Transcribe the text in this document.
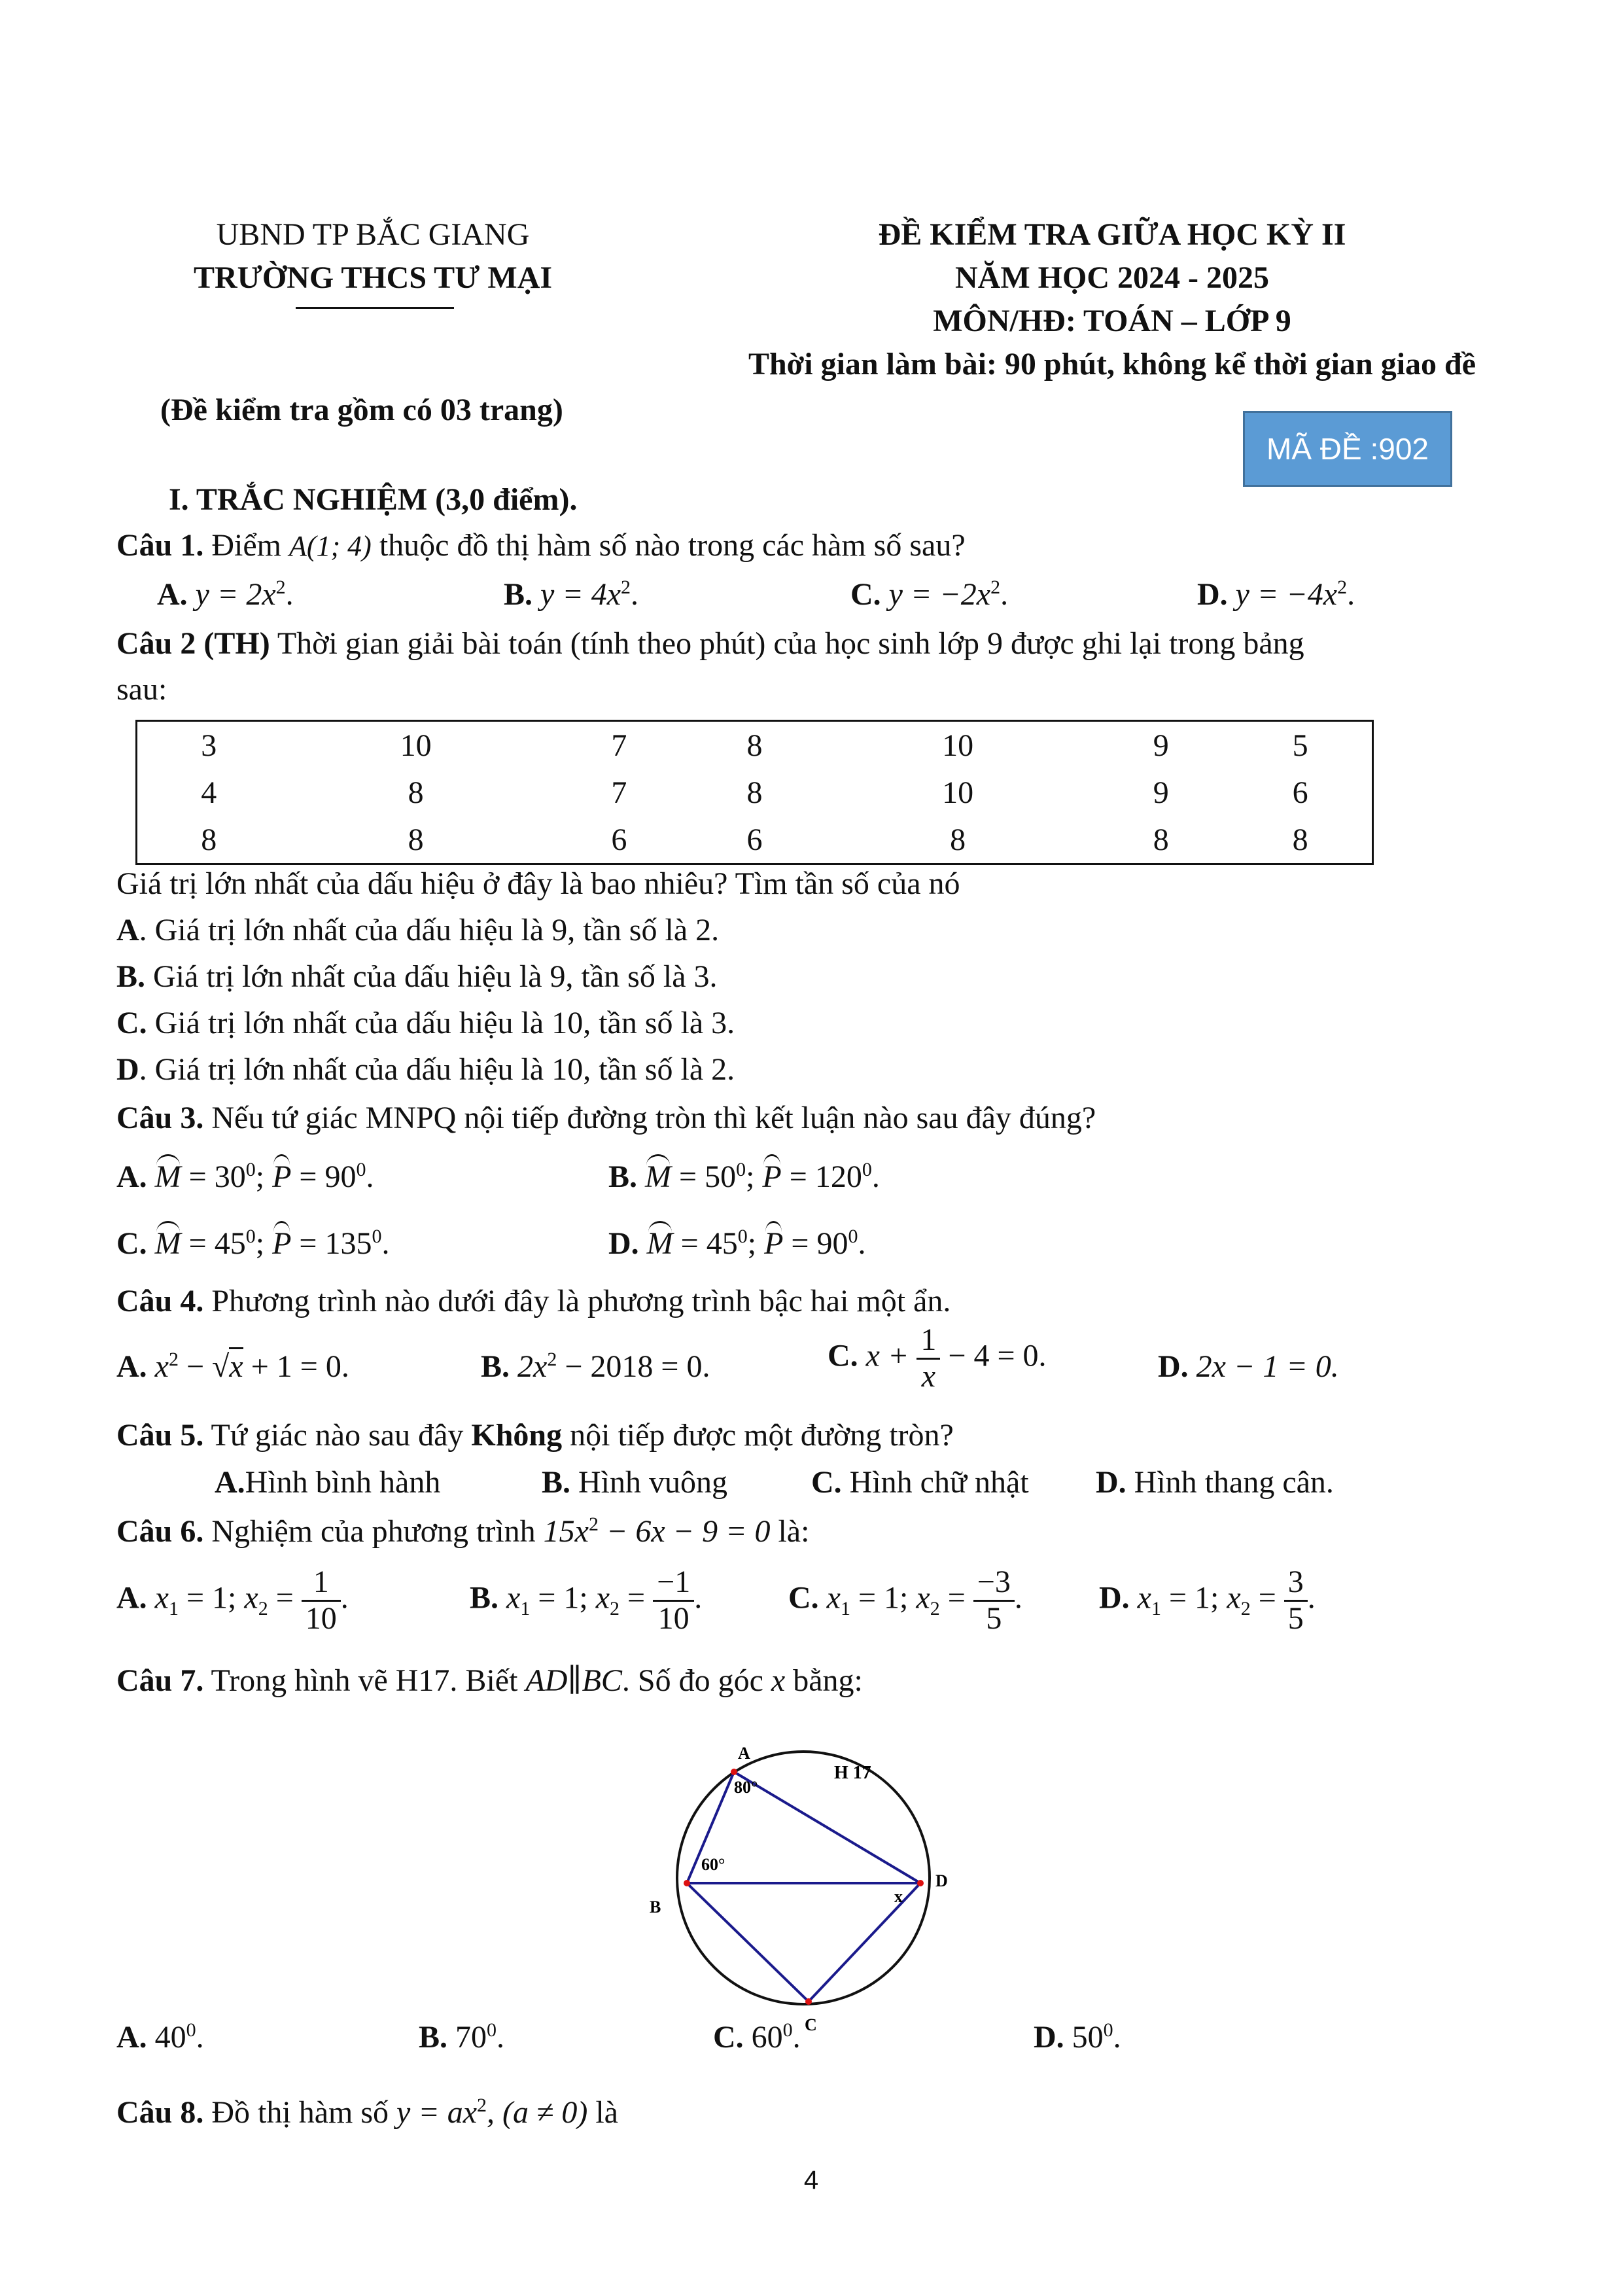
UBND TP BẮC GIANG
TRƯỜNG THCS TƯ MẠI
ĐỀ KIỂM TRA GIỮA HỌC KỲ II
NĂM HỌC 2024 - 2025
MÔN/HĐ: TOÁN – LỚP 9
Thời gian làm bài: 90 phút, không kể thời gian giao đề
(Đề kiểm tra gồm có 03 trang)
MÃ ĐỀ :902
I. TRẮC NGHIỆM (3,0 điểm).
Câu 1. Điểm A(1; 4) thuộc đồ thị hàm số nào trong các hàm số sau?
A. $y = 2x^2$.	B. $y = 4x^2$.	C. $y = -2x^2$.	D. $y = -4x^2$.
Câu 2 (TH) Thời gian giải bài toán (tính theo phút) của học sinh lớp 9 được ghi lại trong bảng
sau:
3	10	7	8	10	9	5
4	8	7	8	10	9	6
8	8	6	6	8	8	8
Giá trị lớn nhất của dấu hiệu ở đây là bao nhiêu? Tìm tần số của nó
A. Giá trị lớn nhất của dấu hiệu là 9, tần số là 2.
B. Giá trị lớn nhất của dấu hiệu là 9, tần số là 3.
C. Giá trị lớn nhất của dấu hiệu là 10, tần số là 3.
D. Giá trị lớn nhất của dấu hiệu là 10, tần số là 2.
Câu 3. Nếu tứ giác MNPQ nội tiếp đường tròn thì kết luận nào sau đây đúng?
A. $M = 30^0$; $P = 90^0$.	B. $M = 50^0$; $P = 120^0$.
C. $M = 45^0$; $P = 135^0$.	D. $M = 45^0$; $P = 90^0$.
Câu 4. Phương trình nào dưới đây là phương trình bậc hai một ẩn.
A. $x^2 - √x + 1 = 0$.	B. $2x^2 - 2018 = 0$.	C. $x + \frac{1}{x} - 4 = 0$.	D. 2x − 1 = 0.
Câu 5. Tứ giác nào sau đây Không nội tiếp được một đường tròn?
A.Hình bình hành	B. Hình vuông	C. Hình chữ nhật D. Hình thang cân.
Câu 6. Nghiệm của phương trình $15x^2 - 6x - 9 = 0$ là:
A. $x_1 = 1$; $x_2 = \frac{1}{10}$ .	B. $x_1 = 1$; $x_2 = \frac{-1}{10}$ .	C. $x_1 = 1$; $x_2 = \frac{-3}{5}$ . D. $x_1 = 1$; $x_2 = \frac{3}{5}$ .
Câu 7. Trong hình vẽ H17. Biết AD∥BC. Số đo góc x bằng:
A
B
C
D
H 17
80°
60°
x
A. $40^0$.	B. $70^0$.	C. $60^0$.	D. $50^0$.
Câu 8. Đồ thị hàm số $y = ax^2$, (a ≠ 0) là
4
